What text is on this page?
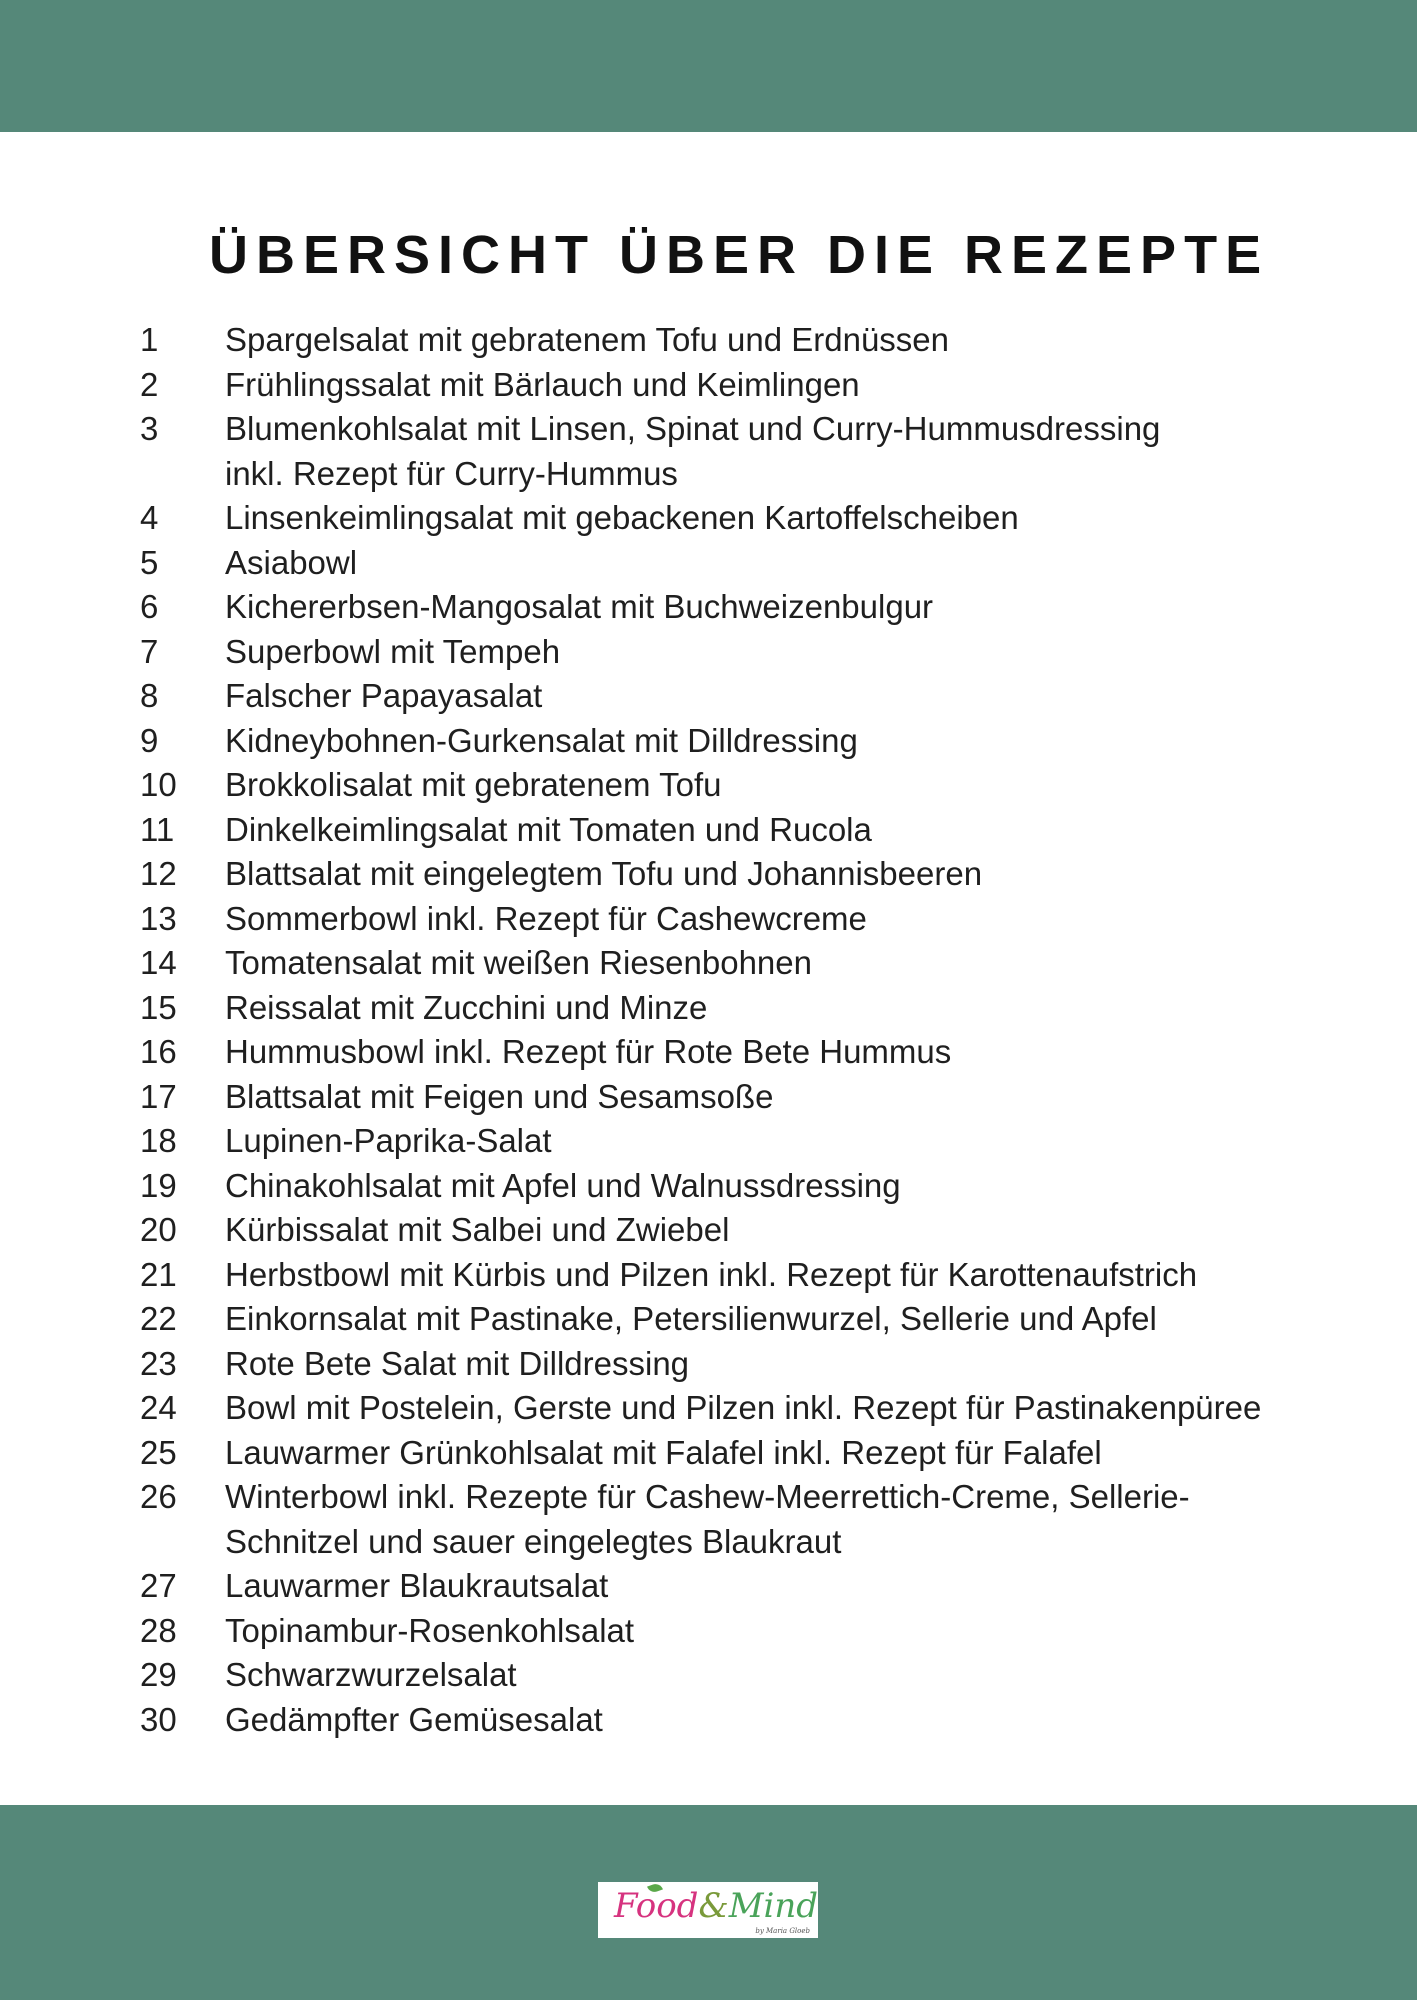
ÜBERSICHT ÜBER DIE REZEPTE
1	Spargelsalat mit gebratenem Tofu und Erdnüssen
2	Frühlingssalat mit Bärlauch und Keimlingen
3	Blumenkohlsalat mit Linsen, Spinat und Curry-Hummusdressing
inkl. Rezept für Curry-Hummus
4	Linsenkeimlingsalat mit gebackenen Kartoffelscheiben
5	Asiabowl
6	Kichererbsen-Mangosalat mit Buchweizenbulgur
7	Superbowl mit Tempeh
8	Falscher Papayasalat
9	Kidneybohnen-Gurkensalat mit Dilldressing
10	Brokkolisalat mit gebratenem Tofu
11	Dinkelkeimlingsalat mit Tomaten und Rucola
12	Blattsalat mit eingelegtem Tofu und Johannisbeeren
13	Sommerbowl inkl. Rezept für Cashewcreme
14	Tomatensalat mit weißen Riesenbohnen
15	Reissalat mit Zucchini und Minze
16	Hummusbowl inkl. Rezept für Rote Bete Hummus
17	Blattsalat mit Feigen und Sesamsoße
18	Lupinen-Paprika-Salat
19	Chinakohlsalat mit Apfel und Walnussdressing
20	Kürbissalat mit Salbei und Zwiebel
21	Herbstbowl mit Kürbis und Pilzen inkl. Rezept für Karottenaufstrich
22	Einkornsalat mit Pastinake, Petersilienwurzel, Sellerie und Apfel
23	Rote Bete Salat mit Dilldressing
24	Bowl mit Postelein, Gerste und Pilzen inkl. Rezept für Pastinakenpüree
25	Lauwarmer Grünkohlsalat mit Falafel inkl. Rezept für Falafel
26	Winterbowl inkl. Rezepte für Cashew-Meerrettich-Creme, Sellerie-
Schnitzel und sauer eingelegtes Blaukraut
27	Lauwarmer Blaukrautsalat
28	Topinambur-Rosenkohlsalat
29	Schwarzwurzelsalat
30	Gedämpfter Gemüsesalat
Food&Mind
by Maria Gloeb
